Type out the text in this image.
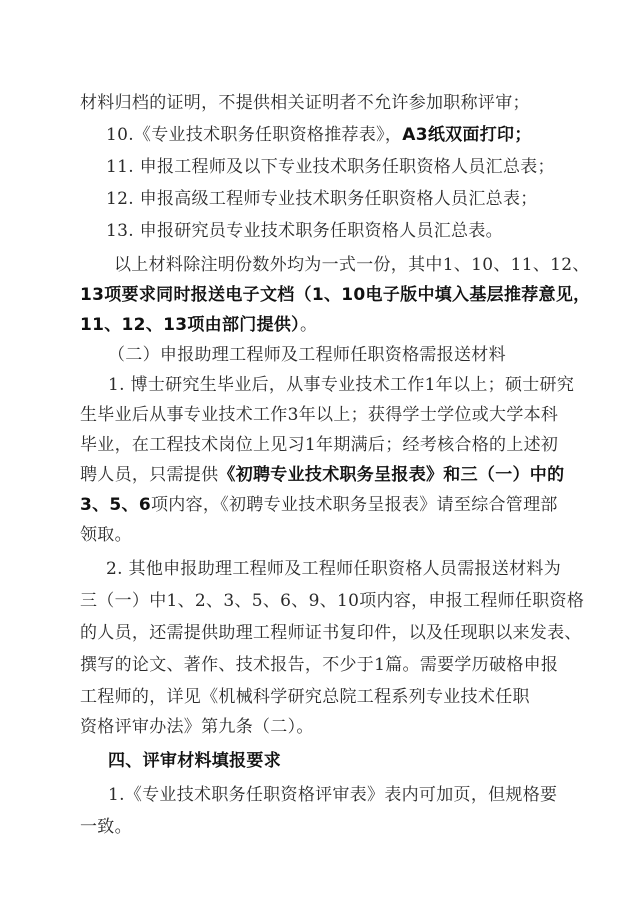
材料归档的证明，不提供相关证明者不允许参加职称评审；
10.《专业技术职务任职资格推荐表》，A3纸双面打印；
11. 申报工程师及以下专业技术职务任职资格人员汇总表；
12. 申报高级工程师专业技术职务任职资格人员汇总表；
13. 申报研究员专业技术职务任职资格人员汇总表。
以上材料除注明份数外均为一式一份，其中1、10、11、12、
13项要求同时报送电子文档（1、10电子版中填入基层推荐意见，
11、12、13项由部门提供）。
（二）申报助理工程师及工程师任职资格需报送材料
1. 博士研究生毕业后，从事专业技术工作1年以上；硕士研究
生毕业后从事专业技术工作3年以上；获得学士学位或大学本科
毕业，在工程技术岗位上见习1年期满后；经考核合格的上述初
聘人员，只需提供《初聘专业技术职务呈报表》和三（一）中的
3、5、6项内容，《初聘专业技术职务呈报表》请至综合管理部
领取。
2. 其他申报助理工程师及工程师任职资格人员需报送材料为
三（一）中1、2、3、5、6、9、10项内容，申报工程师任职资格
的人员，还需提供助理工程师证书复印件，以及任现职以来发表、
撰写的论文、著作、技术报告，不少于1篇。需要学历破格申报
工程师的，详见《机械科学研究总院工程系列专业技术任职
资格评审办法》第九条（二）。
四、评审材料填报要求
1.《专业技术职务任职资格评审表》表内可加页，但规格要
一致。
